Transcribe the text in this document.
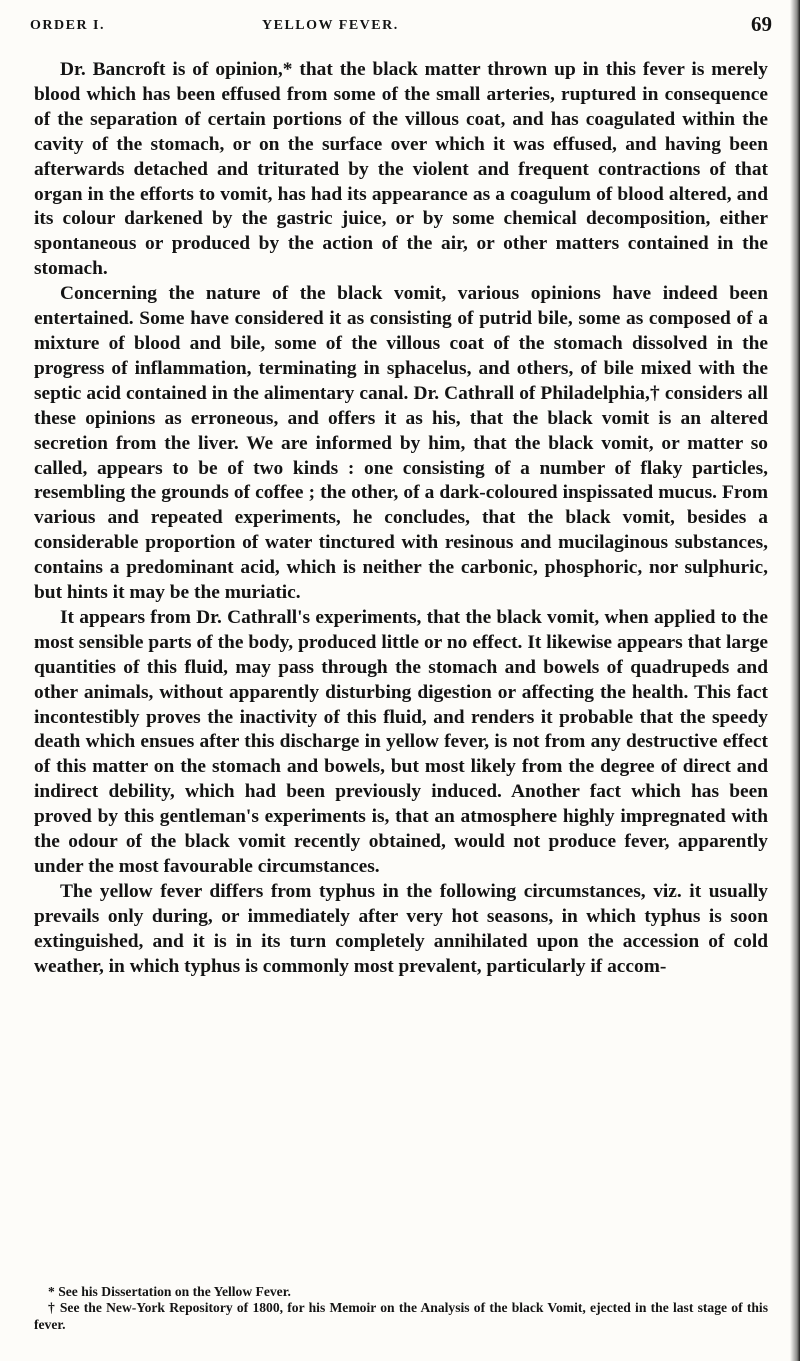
ORDER I.	YELLOW FEVER.	69

Dr. Bancroft is of opinion,* that the black matter thrown up in this fever is merely blood which has been effused from some of the small arteries, ruptured in consequence of the separation of certain portions of the villous coat, and has coagulated within the cavity of the stomach, or on the surface over which it was effused, and having been afterwards detached and triturated by the violent and frequent contractions of that organ in the efforts to vomit, has had its appearance as a coagulum of blood altered, and its colour darkened by the gastric juice, or by some chemical decomposition, either spontaneous or produced by the action of the air, or other matters contained in the stomach.

Concerning the nature of the black vomit, various opinions have indeed been entertained. Some have considered it as consisting of putrid bile, some as composed of a mixture of blood and bile, some of the villous coat of the stomach dissolved in the progress of inflammation, terminating in sphacelus, and others, of bile mixed with the septic acid contained in the alimentary canal. Dr. Cathrall of Philadelphia,† considers all these opinions as erroneous, and offers it as his, that the black vomit is an altered secretion from the liver. We are informed by him, that the black vomit, or matter so called, appears to be of two kinds : one consisting of a number of flaky particles, resembling the grounds of coffee ; the other, of a dark-coloured inspissated mucus. From various and repeated experiments, he concludes, that the black vomit, besides a considerable proportion of water tinctured with resinous and mucilaginous substances, contains a predominant acid, which is neither the carbonic, phosphoric, nor sulphuric, but hints it may be the muriatic.

It appears from Dr. Cathrall's experiments, that the black vomit, when applied to the most sensible parts of the body, produced little or no effect. It likewise appears that large quantities of this fluid, may pass through the stomach and bowels of quadrupeds and other animals, without apparently disturbing digestion or affecting the health. This fact incontestibly proves the inactivity of this fluid, and renders it probable that the speedy death which ensues after this discharge in yellow fever, is not from any destructive effect of this matter on the stomach and bowels, but most likely from the degree of direct and indirect debility, which had been previously induced. Another fact which has been proved by this gentleman's experiments is, that an atmosphere highly impregnated with the odour of the black vomit recently obtained, would not produce fever, apparently under the most favourable circumstances.

The yellow fever differs from typhus in the following circumstances, viz. it usually prevails only during, or immediately after very hot seasons, in which typhus is soon extinguished, and it is in its turn completely annihilated upon the accession of cold weather, in which typhus is commonly most prevalent, particularly if accom-

* See his Dissertation on the Yellow Fever.

† See the New-York Repository of 1800, for his Memoir on the Analysis of the black Vomit, ejected in the last stage of this fever.
